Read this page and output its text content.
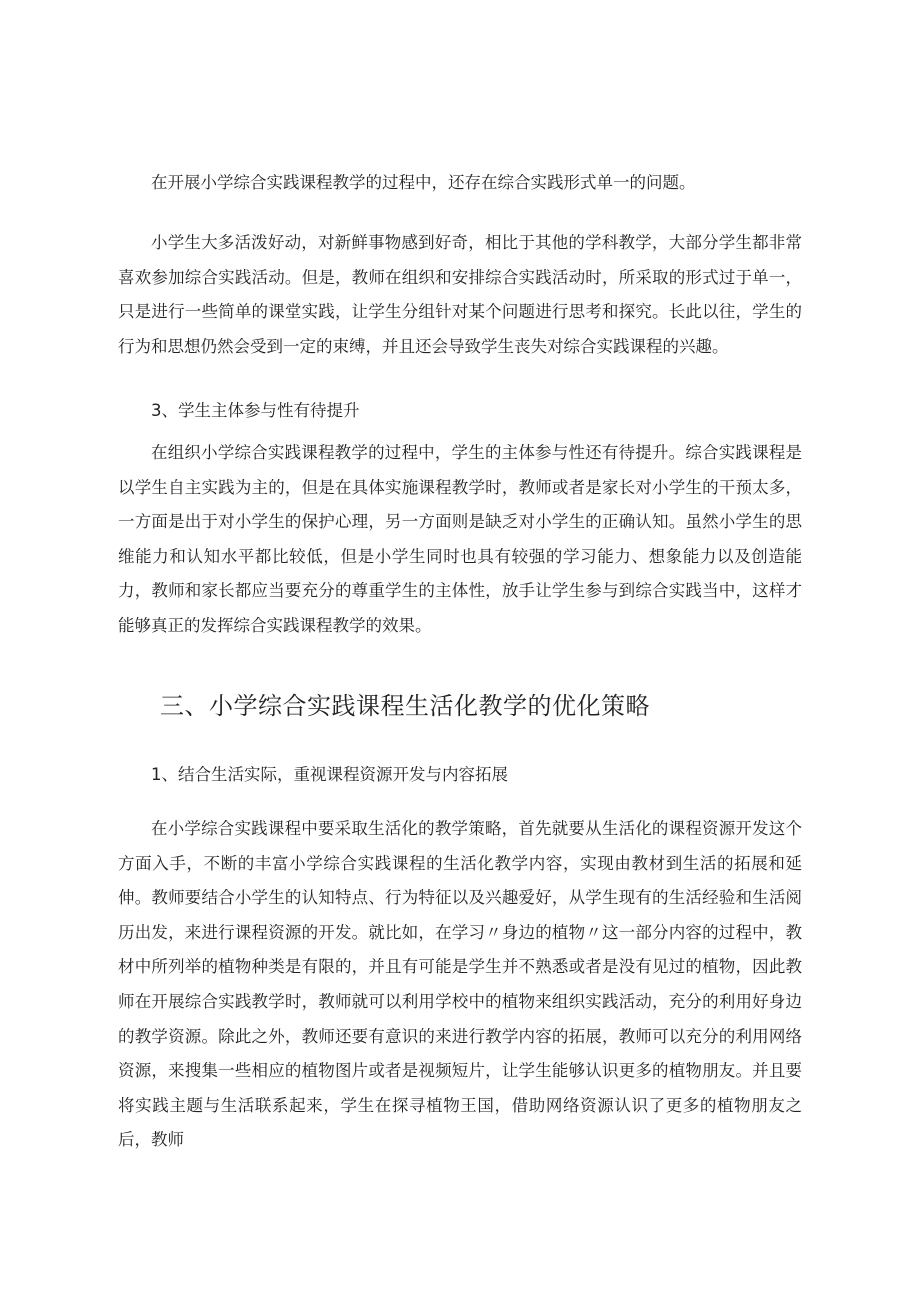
在开展小学综合实践课程教学的过程中，还存在综合实践形式单一的问题。

小学生大多活泼好动，对新鲜事物感到好奇，相比于其他的学科教学，大部分学生都非常喜欢参加综合实践活动。但是，教师在组织和安排综合实践活动时，所采取的形式过于单一，只是进行一些简单的课堂实践，让学生分组针对某个问题进行思考和探究。长此以往，学生的行为和思想仍然会受到一定的束缚，并且还会导致学生丧失对综合实践课程的兴趣。

3、学生主体参与性有待提升

在组织小学综合实践课程教学的过程中，学生的主体参与性还有待提升。综合实践课程是以学生自主实践为主的，但是在具体实施课程教学时，教师或者是家长对小学生的干预太多，一方面是出于对小学生的保护心理，另一方面则是缺乏对小学生的正确认知。虽然小学生的思维能力和认知水平都比较低，但是小学生同时也具有较强的学习能力、想象能力以及创造能力，教师和家长都应当要充分的尊重学生的主体性，放手让学生参与到综合实践当中，这样才能够真正的发挥综合实践课程教学的效果。

三、小学综合实践课程生活化教学的优化策略

1、结合生活实际，重视课程资源开发与内容拓展

在小学综合实践课程中要采取生活化的教学策略，首先就要从生活化的课程资源开发这个方面入手，不断的丰富小学综合实践课程的生活化教学内容，实现由教材到生活的拓展和延伸。教师要结合小学生的认知特点、行为特征以及兴趣爱好，从学生现有的生活经验和生活阅历出发，来进行课程资源的开发。就比如，在学习〃身边的植物〃这一部分内容的过程中，教材中所列举的植物种类是有限的，并且有可能是学生并不熟悉或者是没有见过的植物，因此教师在开展综合实践教学时，教师就可以利用学校中的植物来组织实践活动，充分的利用好身边的教学资源。除此之外，教师还要有意识的来进行教学内容的拓展，教师可以充分的利用网络资源，来搜集一些相应的植物图片或者是视频短片，让学生能够认识更多的植物朋友。并且要将实践主题与生活联系起来，学生在探寻植物王国，借助网络资源认识了更多的植物朋友之后，教师
